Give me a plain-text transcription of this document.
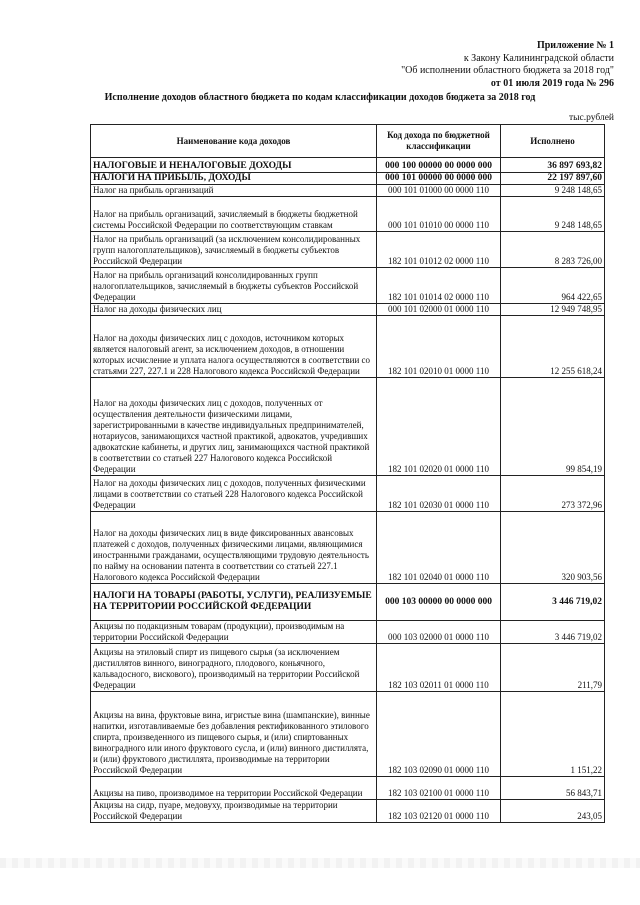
Приложение № 1
к Закону Калининградской области
"Об исполнении областного бюджета за 2018 год"
от 01 июля 2019 года № 296
Исполнение доходов областного бюджета по кодам классификации доходов бюджета за 2018 год
тыс.рублей
Наименование кода доходов	Код дохода по бюджетной классификации	Исполнено
НАЛОГОВЫЕ И НЕНАЛОГОВЫЕ ДОХОДЫ	000 100 00000 00 0000 000	36 897 693,82
НАЛОГИ НА ПРИБЫЛЬ, ДОХОДЫ	000 101 00000 00 0000 000	22 197 897,60
Налог на прибыль организаций	000 101 01000 00 0000 110	9 248 148,65
Налог на прибыль организаций, зачисляемый в бюджеты бюджетной системы Российской Федерации по соответствующим ставкам	000 101 01010 00 0000 110	9 248 148,65
Налог на прибыль организаций (за исключением консолидированных групп налогоплательщиков), зачисляемый в бюджеты субъектов Российской Федерации	182 101 01012 02 0000 110	8 283 726,00
Налог на прибыль организаций консолидированных групп налогоплательщиков, зачисляемый в бюджеты субъектов Российской Федерации	182 101 01014 02 0000 110	964 422,65
Налог на доходы физических лиц	000 101 02000 01 0000 110	12 949 748,95
Налог на доходы физических лиц с доходов, источником которых является налоговый агент, за исключением доходов, в отношении которых исчисление и уплата налога осуществляются в соответствии со статьями 227, 227.1 и 228 Налогового кодекса Российской Федерации	182 101 02010 01 0000 110	12 255 618,24
Налог на доходы физических лиц с доходов, полученных от осуществления деятельности физическими лицами, зарегистрированными в качестве индивидуальных предпринимателей, нотариусов, занимающихся частной практикой, адвокатов, учредивших адвокатские кабинеты, и других лиц, занимающихся частной практикой в соответствии со статьей 227 Налогового кодекса Российской Федерации	182 101 02020 01 0000 110	99 854,19
Налог на доходы физических лиц с доходов, полученных физическими лицами в соответствии со статьей 228 Налогового кодекса Российской Федерации	182 101 02030 01 0000 110	273 372,96
Налог на доходы физических лиц в виде фиксированных авансовых платежей с доходов, полученных физическими лицами, являющимися иностранными гражданами, осуществляющими трудовую деятельность по найму на основании патента в соответствии со статьей 227.1 Налогового кодекса Российской Федерации	182 101 02040 01 0000 110	320 903,56
НАЛОГИ НА ТОВАРЫ (РАБОТЫ, УСЛУГИ), РЕАЛИЗУЕМЫЕ НА ТЕРРИТОРИИ РОССИЙСКОЙ ФЕДЕРАЦИИ	000 103 00000 00 0000 000	3 446 719,02
Акцизы по подакцизным товарам (продукции), производимым на территории Российской Федерации	000 103 02000 01 0000 110	3 446 719,02
Акцизы на этиловый спирт из пищевого сырья (за исключением дистиллятов винного, виноградного, плодового, коньячного, кальвадосного, вискового), производимый на территории Российской Федерации	182 103 02011 01 0000 110	211,79
Акцизы на вина, фруктовые вина, игристые вина (шампанские), винные напитки, изготавливаемые без добавления ректификованного этилового спирта, произведенного из пищевого сырья, и (или) спиртованных виноградного или иного фруктового сусла, и (или) винного дистиллята, и (или) фруктового дистиллята, производимые на территории Российской Федерации	182 103 02090 01 0000 110	1 151,22
Акцизы на пиво, производимое на территории Российской Федерации	182 103 02100 01 0000 110	56 843,71
Акцизы на сидр, пуаре, медовуху, производимые на территории Российской Федерации	182 103 02120 01 0000 110	243,05
